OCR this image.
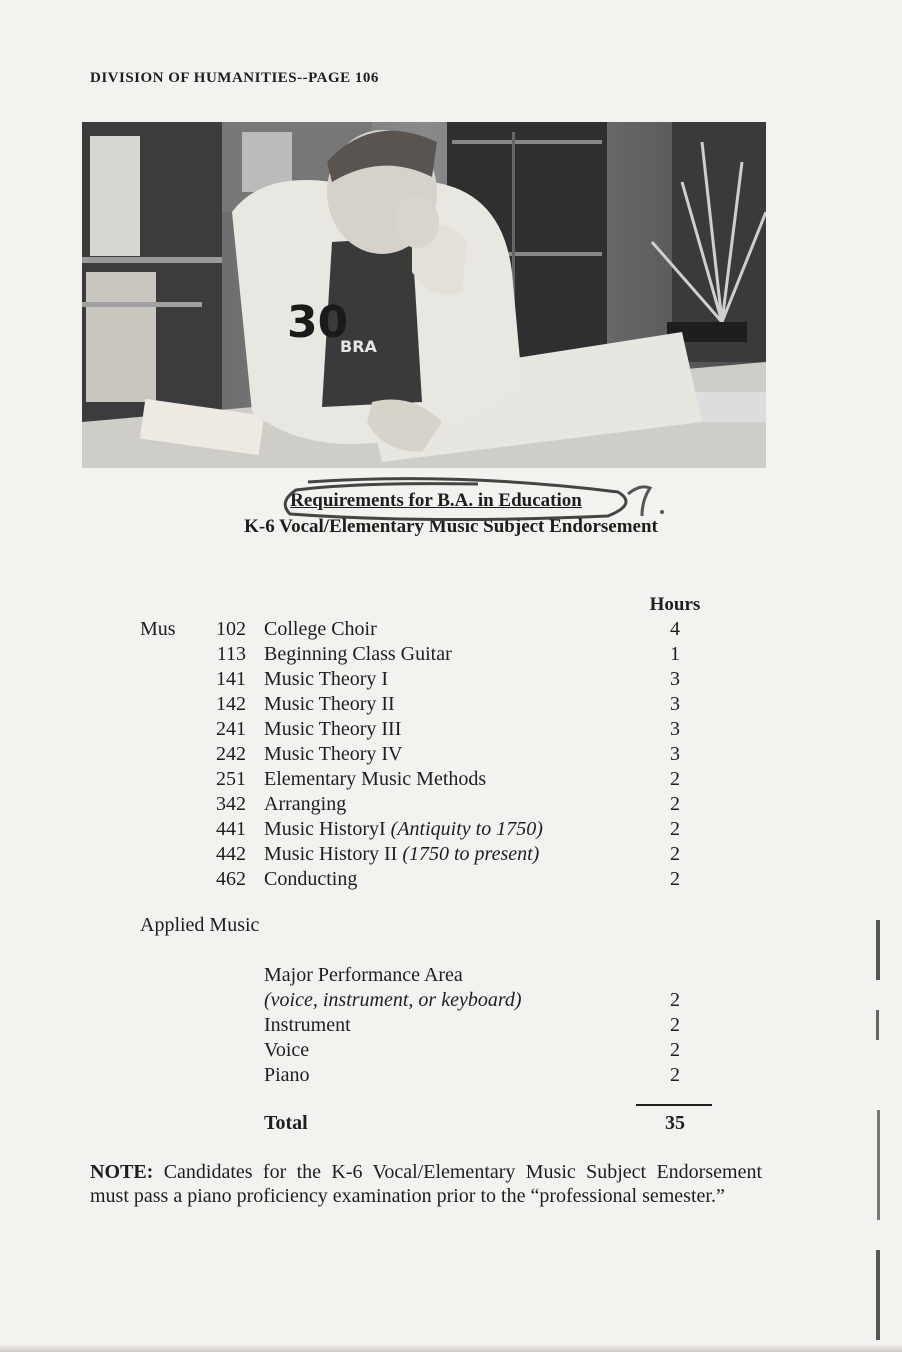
DIVISION OF HUMANITIES--PAGE 106
30
BRA
Requirements for B.A. in Education
K-6 Vocal/Elementary Music Subject Endorsement
Hours
Mus 102 College Choir	4
113 Beginning Class Guitar	1
141 Music Theory I	3
142 Music Theory II	3
241 Music Theory III	3
242 Music Theory IV	3
251 Elementary Music Methods	2
342 Arranging	2
441 Music HistoryI (Antiquity to 1750)	2
442 Music History II (1750 to present)	2
462 Conducting	2
Applied Music
Major Performance Area
(voice, instrument, or keyboard)	2
Instrument	2
Voice	2
Piano	2
Total	35
NOTE: Candidates for the K-6 Vocal/Elementary Music Subject Endorsement must pass a piano proficiency examination prior to the “professional semester.”
